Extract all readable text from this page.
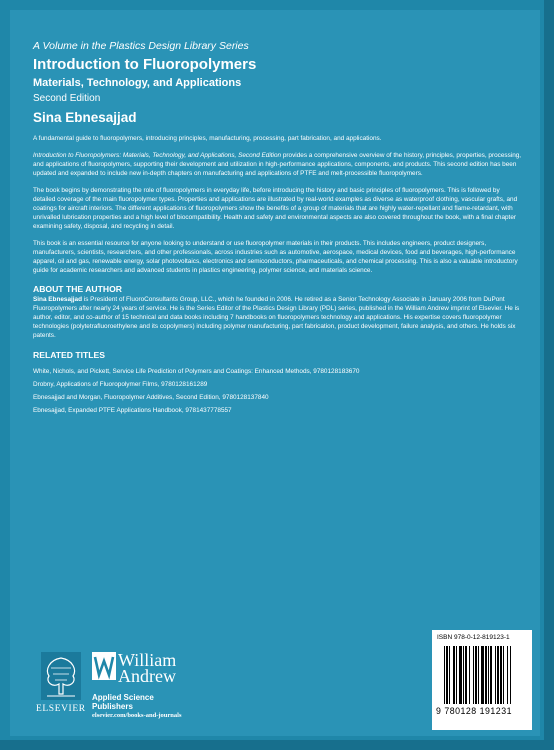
A Volume in the Plastics Design Library Series

Introduction to Fluoropolymers

Materials, Technology, and Applications

Second Edition

Sina Ebnesajjad

A fundamental guide to fluoropolymers, introducing principles, manufacturing, processing, part fabrication, and applications.

Introduction to Fluoropolymers: Materials, Technology, and Applications, Second Edition provides a comprehensive overview of the history, principles, properties, processing, and applications of fluoropolymers, supporting their development and utilization in high-performance applications, components, and products. This second edition has been updated and expanded to include new in-depth chapters on manufacturing and applications of PTFE and melt-processible fluoropolymers.

The book begins by demonstrating the role of fluoropolymers in everyday life, before introducing the history and basic principles of fluoropolymers. This is followed by detailed coverage of the main fluoropolymer types. Properties and applications are illustrated by real-world examples as diverse as waterproof clothing, vascular grafts, and coatings for aircraft interiors. The different applications of fluoropolymers show the benefits of a group of materials that are highly water-repellant and flame-retardant, with unrivalled lubrication properties and a high level of biocompatibility. Health and safety and environmental aspects are also covered throughout the book, with a final chapter examining safety, disposal, and recycling in detail.

This book is an essential resource for anyone looking to understand or use fluoropolymer materials in their products. This includes engineers, product designers, manufacturers, scientists, researchers, and other professionals, across industries such as automotive, aerospace, medical devices, food and beverages, high-performance apparel, oil and gas, renewable energy, solar photovoltaics, electronics and semiconductors, pharmaceuticals, and chemical processing. This is also a valuable introductory guide for academic researchers and advanced students in plastics engineering, polymer science, and materials science.

ABOUT THE AUTHOR

Sina Ebnesajjad is President of FluoroConsultants Group, LLC., which he founded in 2006. He retired as a Senior Technology Associate in January 2006 from DuPont Fluoropolymers after nearly 24 years of service. He is the Series Editor of the Plastics Design Library (PDL) series, published in the William Andrew imprint of Elsevier. He is author, editor, and co-author of 15 technical and data books including 7 handbooks on fluoropolymers technology and applications. His expertise covers fluoropolymer technologies (polytetrafluoroethylene and its copolymers) including polymer manufacturing, part fabrication, product development, failure analysis, and others. He holds six patents.

RELATED TITLES

White, Nichols, and Pickett, Service Life Prediction of Polymers and Coatings: Enhanced Methods, 9780128183670

Drobny, Applications of Fluoropolymer Films, 9780128161289

Ebnesajjad and Morgan, Fluoropolymer Additives, Second Edition, 9780128137840

Ebnesajjad, Expanded PTFE Applications Handbook, 9781437778557

ELSEVIER
William
Andrew
Applied Science
Publishers
elsevier.com/books-and-journals
ISBN 978-0-12-819123-1
9 780128 191231
